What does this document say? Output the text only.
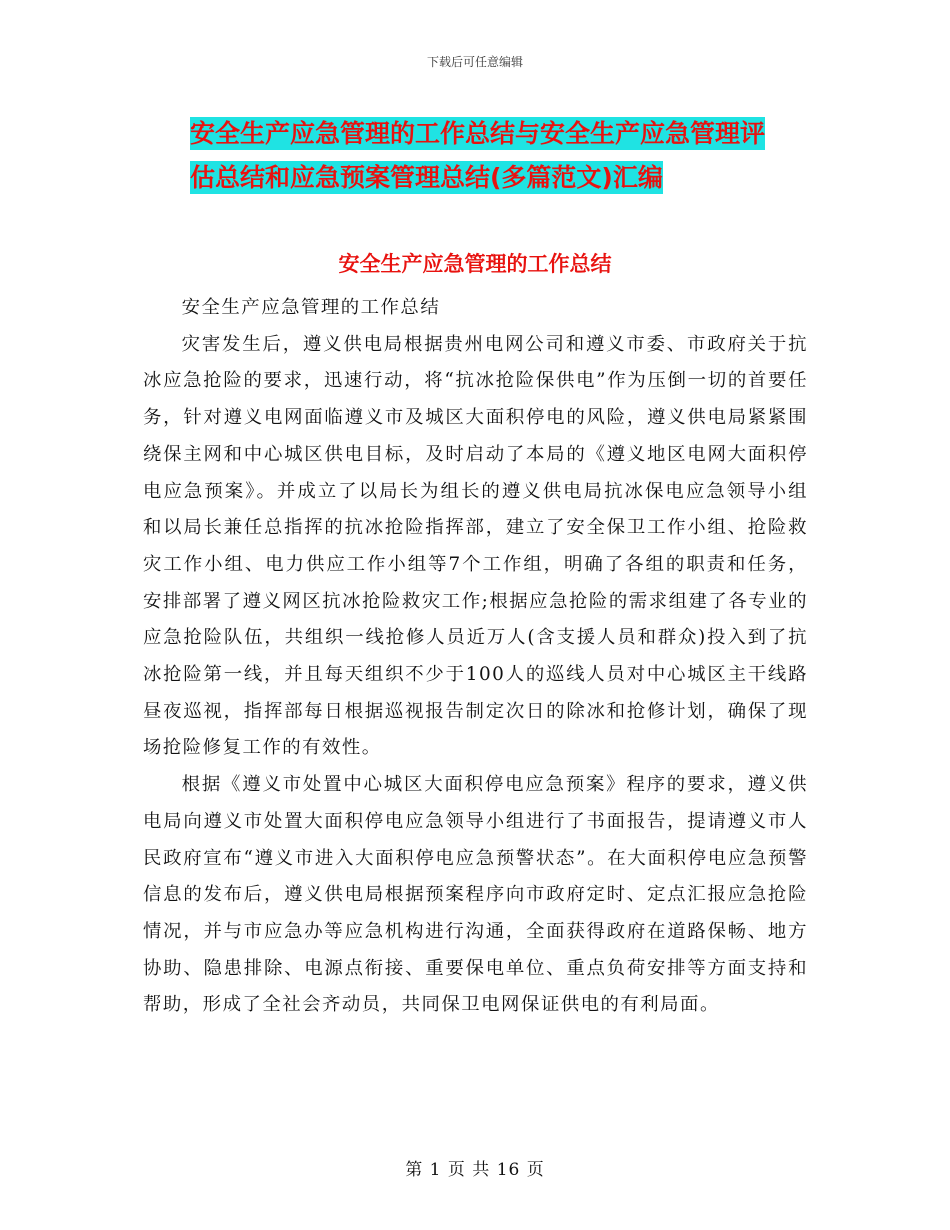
下载后可任意编辑
安全生产应急管理的工作总结与安全生产应急管理评
估总结和应急预案管理总结(多篇范文)汇编
安全生产应急管理的工作总结

安全生产应急管理的工作总结

灾害发生后，遵义供电局根据贵州电网公司和遵义市委、市政府关于抗冰应急抢险的要求，迅速行动，将“抗冰抢险保供电”作为压倒一切的首要任务，针对遵义电网面临遵义市及城区大面积停电的风险，遵义供电局紧紧围绕保主网和中心城区供电目标，及时启动了本局的《遵义地区电网大面积停电应急预案》。并成立了以局长为组长的遵义供电局抗冰保电应急领导小组和以局长兼任总指挥的抗冰抢险指挥部，建立了安全保卫工作小组、抢险救灾工作小组、电力供应工作小组等7个工作组，明确了各组的职责和任务，安排部署了遵义网区抗冰抢险救灾工作;根据应急抢险的需求组建了各专业的应急抢险队伍，共组织一线抢修人员近万人(含支援人员和群众)投入到了抗冰抢险第一线，并且每天组织不少于100人的巡线人员对中心城区主干线路昼夜巡视，指挥部每日根据巡视报告制定次日的除冰和抢修计划，确保了现场抢险修复工作的有效性。

根据《遵义市处置中心城区大面积停电应急预案》程序的要求，遵义供电局向遵义市处置大面积停电应急领导小组进行了书面报告，提请遵义市人民政府宣布“遵义市进入大面积停电应急预警状态”。在大面积停电应急预警信息的发布后，遵义供电局根据预案程序向市政府定时、定点汇报应急抢险情况，并与市应急办等应急机构进行沟通，全面获得政府在道路保畅、地方协助、隐患排除、电源点衔接、重要保电单位、重点负荷安排等方面支持和帮助，形成了全社会齐动员，共同保卫电网保证供电的有利局面。

第 1 页 共 16 页
